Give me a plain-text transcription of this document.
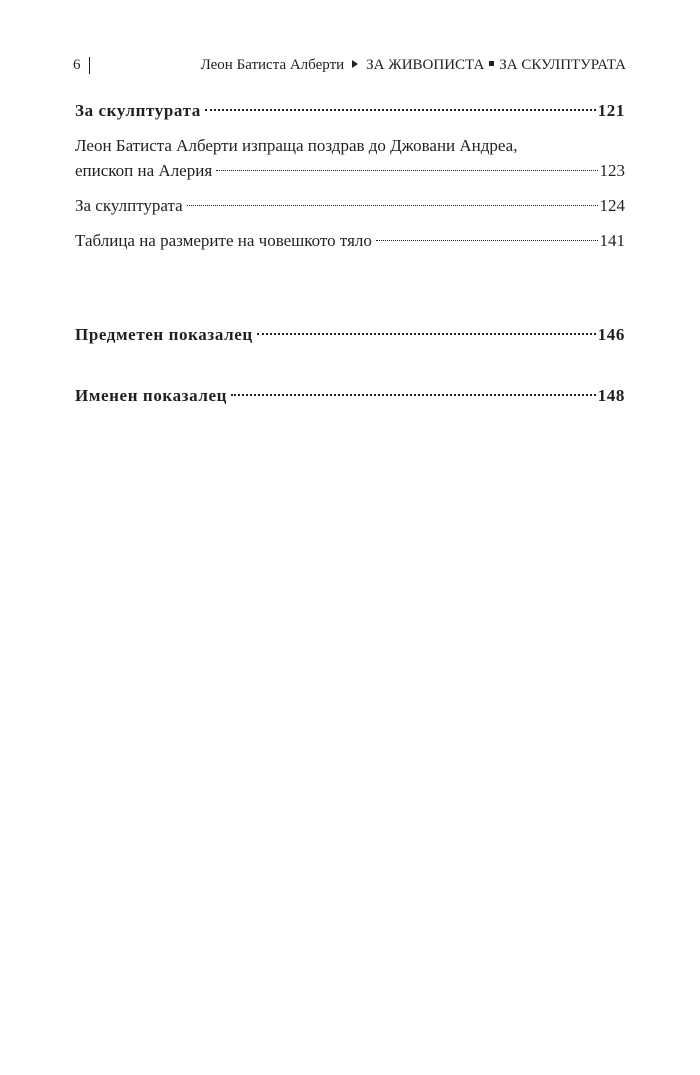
6	Леон Батиста Алберти ЗА ЖИВОПИСТА ЗА СКУЛПТУРАТА
За скулптурата	121
Леон Батиста Алберти изпраща поздрав до Джовани Андреа,
епископ на Алерия	123
За скулптурата	124
Таблица на размерите на човешкото тяло	141
Предметен показалец	146
Именен показалец	148
